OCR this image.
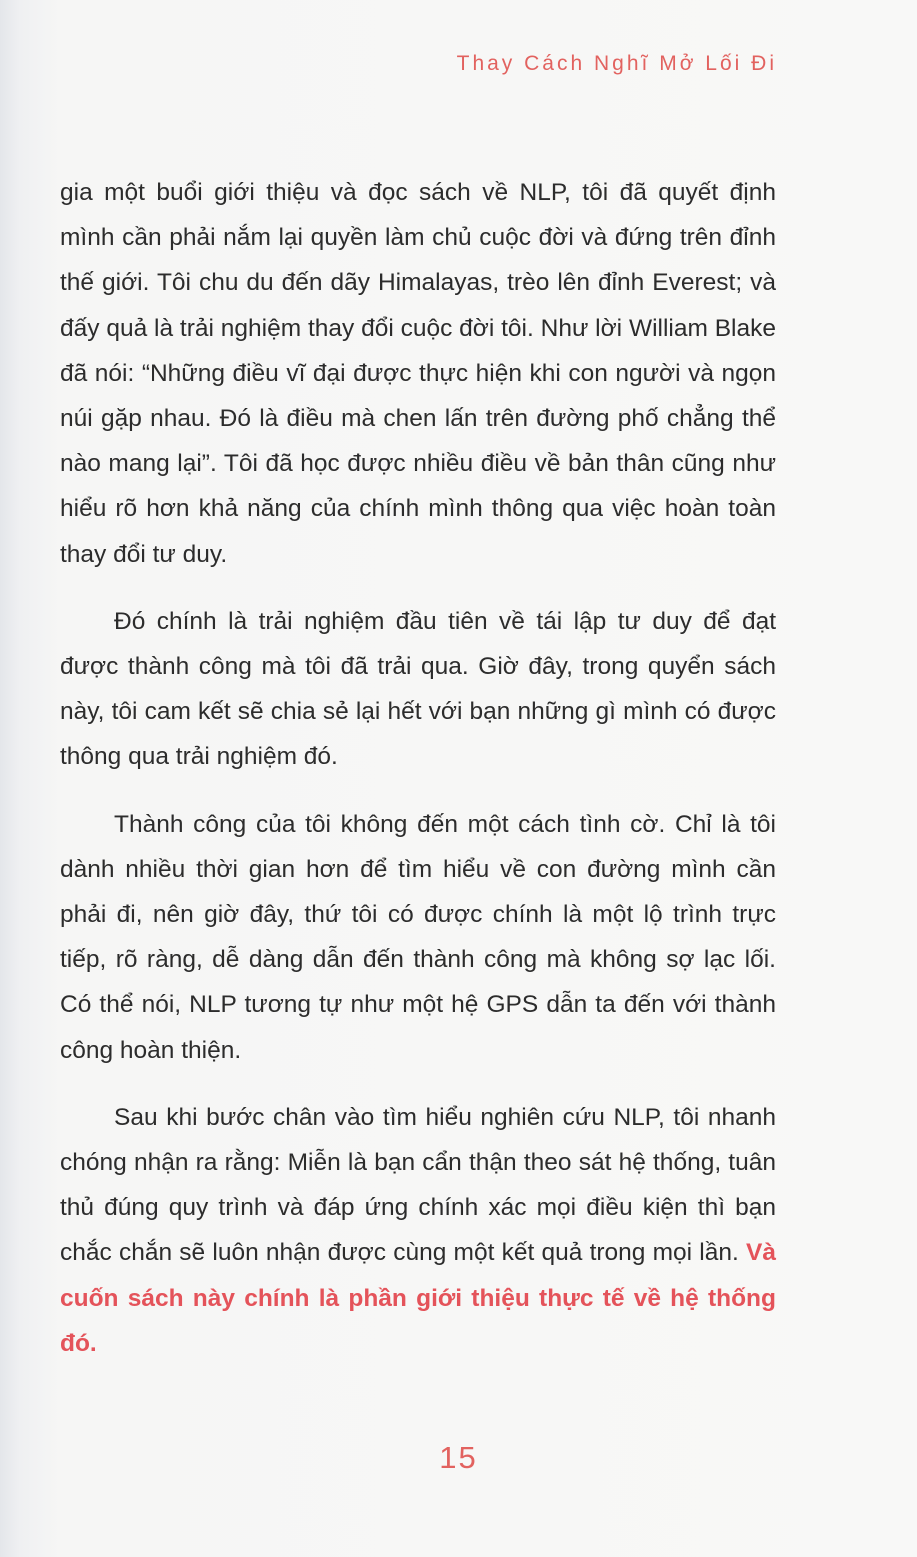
Thay Cách Nghĩ Mở Lối Đi

gia một buổi giới thiệu và đọc sách về NLP, tôi đã quyết định mình cần phải nắm lại quyền làm chủ cuộc đời và đứng trên đỉnh thế giới. Tôi chu du đến dãy Himalayas, trèo lên đỉnh Everest; và đấy quả là trải nghiệm thay đổi cuộc đời tôi. Như lời William Blake đã nói: “Những điều vĩ đại được thực hiện khi con người và ngọn núi gặp nhau. Đó là điều mà chen lấn trên đường phố chẳng thể nào mang lại”. Tôi đã học được nhiều điều về bản thân cũng như hiểu rõ hơn khả năng của chính mình thông qua việc hoàn toàn thay đổi tư duy.

Đó chính là trải nghiệm đầu tiên về tái lập tư duy để đạt được thành công mà tôi đã trải qua. Giờ đây, trong quyển sách này, tôi cam kết sẽ chia sẻ lại hết với bạn những gì mình có được thông qua trải nghiệm đó.

Thành công của tôi không đến một cách tình cờ. Chỉ là tôi dành nhiều thời gian hơn để tìm hiểu về con đường mình cần phải đi, nên giờ đây, thứ tôi có được chính là một lộ trình trực tiếp, rõ ràng, dễ dàng dẫn đến thành công mà không sợ lạc lối. Có thể nói, NLP tương tự như một hệ GPS dẫn ta đến với thành công hoàn thiện.

Sau khi bước chân vào tìm hiểu nghiên cứu NLP, tôi nhanh chóng nhận ra rằng: Miễn là bạn cẩn thận theo sát hệ thống, tuân thủ đúng quy trình và đáp ứng chính xác mọi điều kiện thì bạn chắc chắn sẽ luôn nhận được cùng một kết quả trong mọi lần. Và cuốn sách này chính là phần giới thiệu thực tế về hệ thống đó.

15
